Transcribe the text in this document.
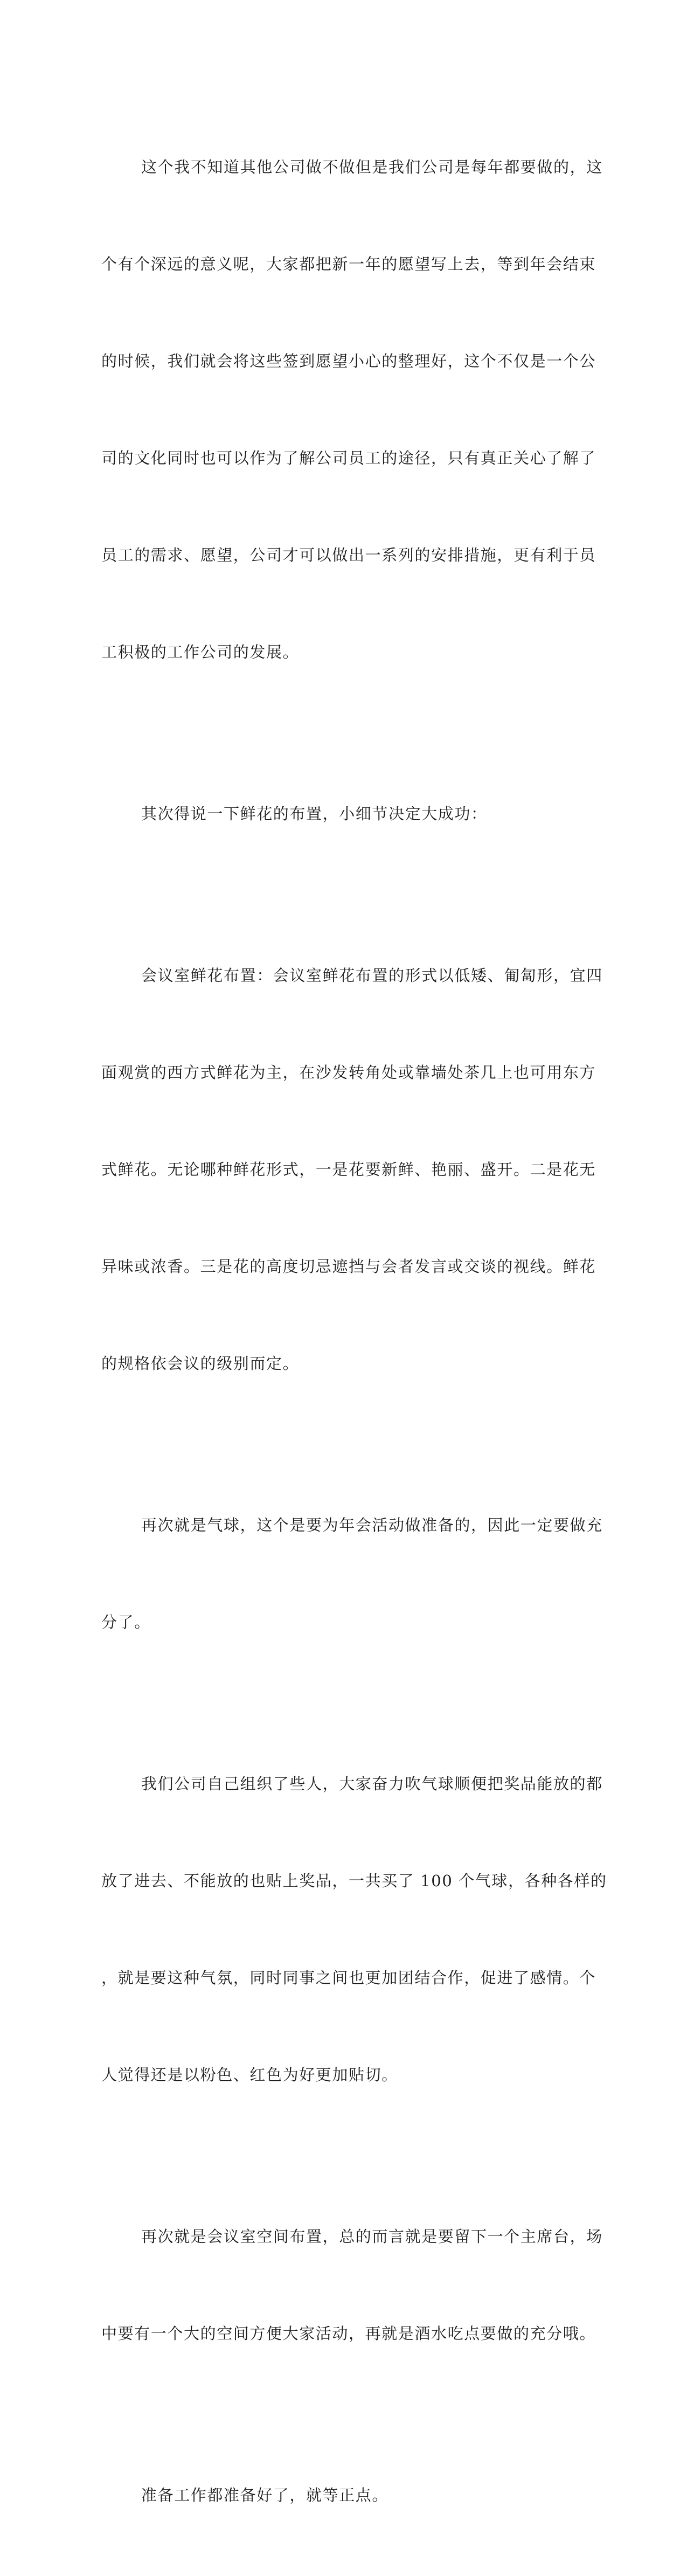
这个我不知道其他公司做不做但是我们公司是每年都要做的，这

个有个深远的意义呢，大家都把新一年的愿望写上去，等到年会结束

的时候，我们就会将这些签到愿望小心的整理好，这个不仅是一个公

司的文化同时也可以作为了解公司员工的途径，只有真正关心了解了

员工的需求、愿望，公司才可以做出一系列的安排措施，更有利于员

工积极的工作公司的发展。

其次得说一下鲜花的布置，小细节决定大成功：

会议室鲜花布置：会议室鲜花布置的形式以低矮、匍匐形，宜四

面观赏的西方式鲜花为主，在沙发转角处或靠墙处茶几上也可用东方

式鲜花。无论哪种鲜花形式，一是花要新鲜、艳丽、盛开。二是花无

异味或浓香。三是花的高度切忌遮挡与会者发言或交谈的视线。鲜花

的规格依会议的级别而定。

再次就是气球，这个是要为年会活动做准备的，因此一定要做充

分了。

我们公司自己组织了些人，大家奋力吹气球顺便把奖品能放的都

放了进去、不能放的也贴上奖品，一共买了 100 个气球，各种各样的

，就是要这种气氛，同时同事之间也更加团结合作，促进了感情。个

人觉得还是以粉色、红色为好更加贴切。

再次就是会议室空间布置，总的而言就是要留下一个主席台，场

中要有一个大的空间方便大家活动，再就是酒水吃点要做的充分哦。

准备工作都准备好了，就等正点。
